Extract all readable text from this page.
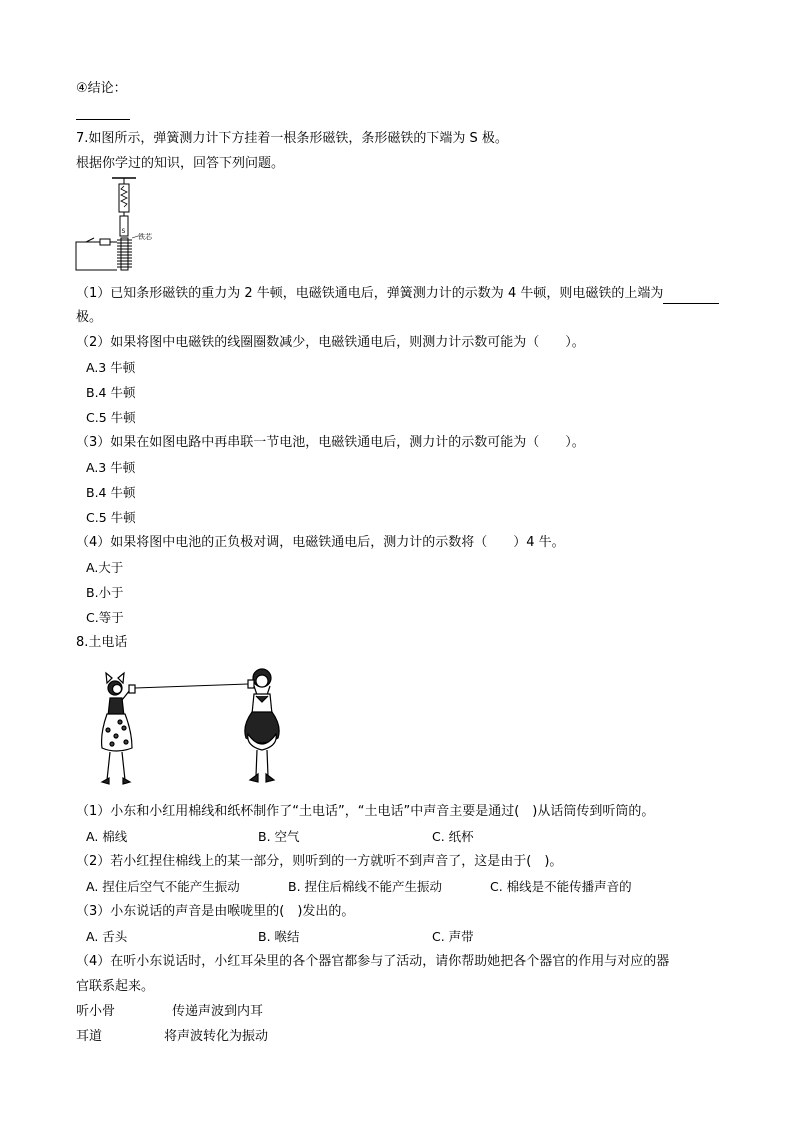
④结论：
7.如图所示，弹簧测力计下方挂着一根条形磁铁，条形磁铁的下端为 S 极。
根据你学过的知识，回答下列问题。
S
铁芯
（1）已知条形磁铁的重力为 2 牛顿，电磁铁通电后，弹簧测力计的示数为 4 牛顿，则电磁铁的上端为
极。
（2）如果将图中电磁铁的线圈圈数减少，电磁铁通电后，则测力计示数可能为（　　）。
A.3 牛顿
B.4 牛顿
C.5 牛顿
（3）如果在如图电路中再串联一节电池，电磁铁通电后，测力计的示数可能为（　　）。
A.3 牛顿
B.4 牛顿
C.5 牛顿
（4）如果将图中电池的正负极对调，电磁铁通电后，测力计的示数将（　　）4 牛。
A.大于
B.小于
C.等于
8.土电话
（1）小东和小红用棉线和纸杯制作了“土电话”，“土电话”中声音主要是通过(　)从话筒传到听筒的。
A. 棉线	B. 空气	C. 纸杯
（2）若小红捏住棉线上的某一部分，则听到的一方就听不到声音了，这是由于(　)。
A. 捏住后空气不能产生振动	B. 捏住后棉线不能产生振动	C. 棉线是不能传播声音的
（3）小东说话的声音是由喉咙里的(　)发出的。
A. 舌头	B. 喉结	C. 声带
（4）在听小东说话时，小红耳朵里的各个器官都参与了活动，请你帮助她把各个器官的作用与对应的器
官联系起来。
听小骨	传递声波到内耳
耳道	将声波转化为振动
